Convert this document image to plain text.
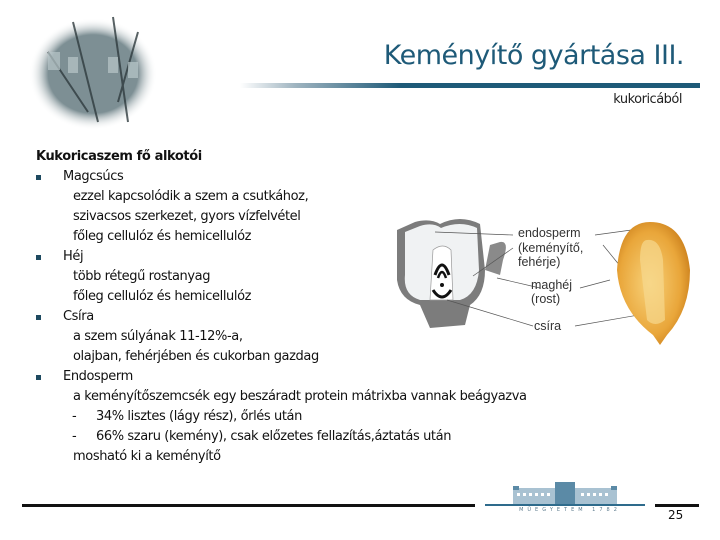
Keményítő gyártása III.
kukoricából
Kukoricaszem fő alkotói
Magcsúcs
ezzel kapcsolódik a szem a csutkához,
szivacsos szerkezet, gyors vízfelvétel
főleg cellulóz és hemicellulóz
Héj
több rétegű rostanyag
főleg cellulóz és hemicellulóz
Csíra
a szem súlyának 11-12%-a,
olajban, fehérjében és cukorban gazdag
Endosperm
a keményítőszemcsék egy beszáradt protein mátrixba vannak beágyazva
- 34% lisztes (lágy rész), őrlés után
- 66% szaru (kemény), csak előzetes fellazítás,áztatás után
mosható ki a keményítő
endosperm
(keményítő,
fehérje)
maghéj
(rost)
csíra
MŰEGYETEM 1782	25
